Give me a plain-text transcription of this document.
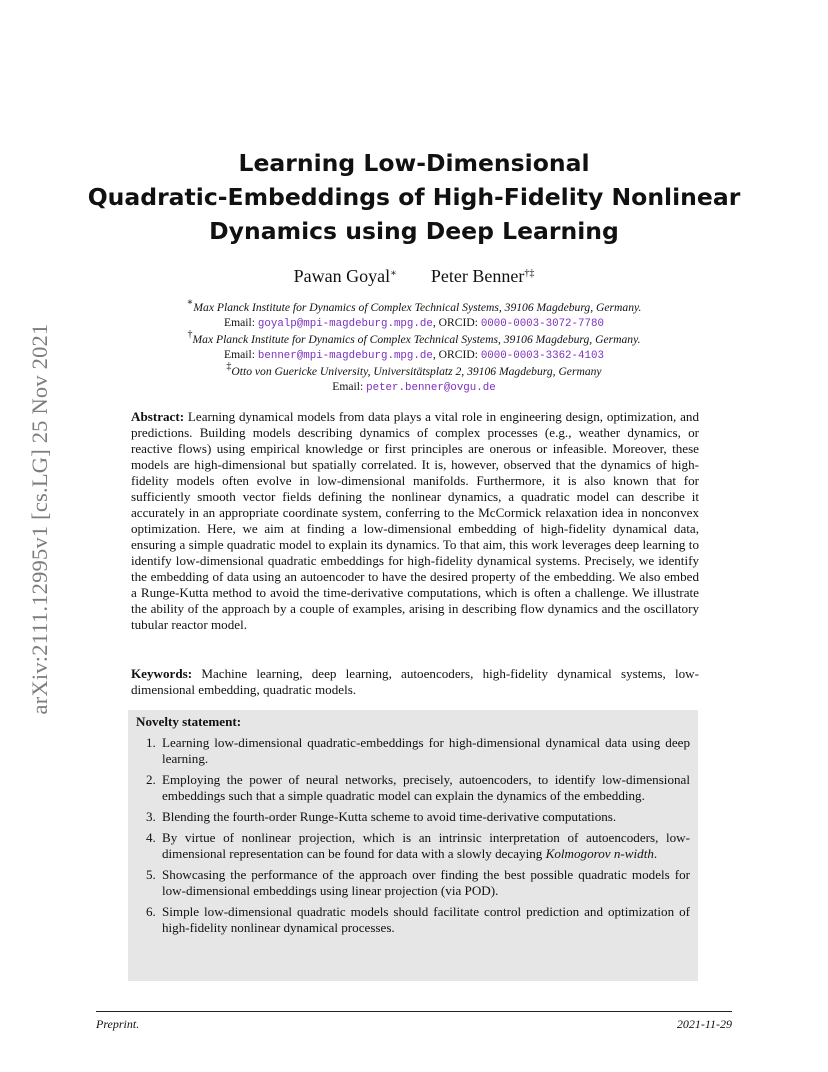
arXiv:2111.12995v1 [cs.LG] 25 Nov 2021
Learning Low-Dimensional
Quadratic-Embeddings of High-Fidelity Nonlinear
Dynamics using Deep Learning
Pawan Goyal∗ Peter Benner†‡
∗Max Planck Institute for Dynamics of Complex Technical Systems, 39106 Magdeburg, Germany.
Email: goyalp@mpi-magdeburg.mpg.de, ORCID: 0000-0003-3072-7780
†Max Planck Institute for Dynamics of Complex Technical Systems, 39106 Magdeburg, Germany.
Email: benner@mpi-magdeburg.mpg.de, ORCID: 0000-0003-3362-4103
‡Otto von Guericke University, Universitätsplatz 2, 39106 Magdeburg, Germany
Email: peter.benner@ovgu.de
Abstract: Learning dynamical models from data plays a vital role in engineering design, optimization, and predictions. Building models describing dynamics of complex processes (e.g., weather dynamics, or reactive flows) using empirical knowledge or first principles are onerous or infeasible. Moreover, these models are high-dimensional but spatially correlated. It is, however, observed that the dynamics of high-fidelity models often evolve in low-dimensional manifolds. Furthermore, it is also known that for sufficiently smooth vector fields defining the nonlinear dynamics, a quadratic model can describe it accurately in an appropriate coordinate system, conferring to the McCormick relaxation idea in nonconvex optimization. Here, we aim at finding a low-dimensional embedding of high-fidelity dynamical data, ensuring a simple quadratic model to explain its dynamics. To that aim, this work leverages deep learning to identify low-dimensional quadratic embeddings for high-fidelity dynamical systems. Precisely, we identify the embedding of data using an autoencoder to have the desired property of the embedding. We also embed a Runge-Kutta method to avoid the time-derivative computations, which is often a challenge. We illustrate the ability of the approach by a couple of examples, arising in describing flow dynamics and the oscillatory tubular reactor model.
Keywords: Machine learning, deep learning, autoencoders, high-fidelity dynamical systems, low-dimensional embedding, quadratic models.
Novelty statement:
1. Learning low-dimensional quadratic-embeddings for high-dimensional dynamical data using deep learning.
2. Employing the power of neural networks, precisely, autoencoders, to identify low-dimensional embeddings such that a simple quadratic model can explain the dynamics of the embedding.
3. Blending the fourth-order Runge-Kutta scheme to avoid time-derivative computations.
4. By virtue of nonlinear projection, which is an intrinsic interpretation of autoencoders, low-dimensional representation can be found for data with a slowly decaying Kolmogorov n-width.
5. Showcasing the performance of the approach over finding the best possible quadratic models for low-dimensional embeddings using linear projection (via POD).
6. Simple low-dimensional quadratic models should facilitate control prediction and optimization of high-fidelity nonlinear dynamical processes.
Preprint.	2021-11-29
